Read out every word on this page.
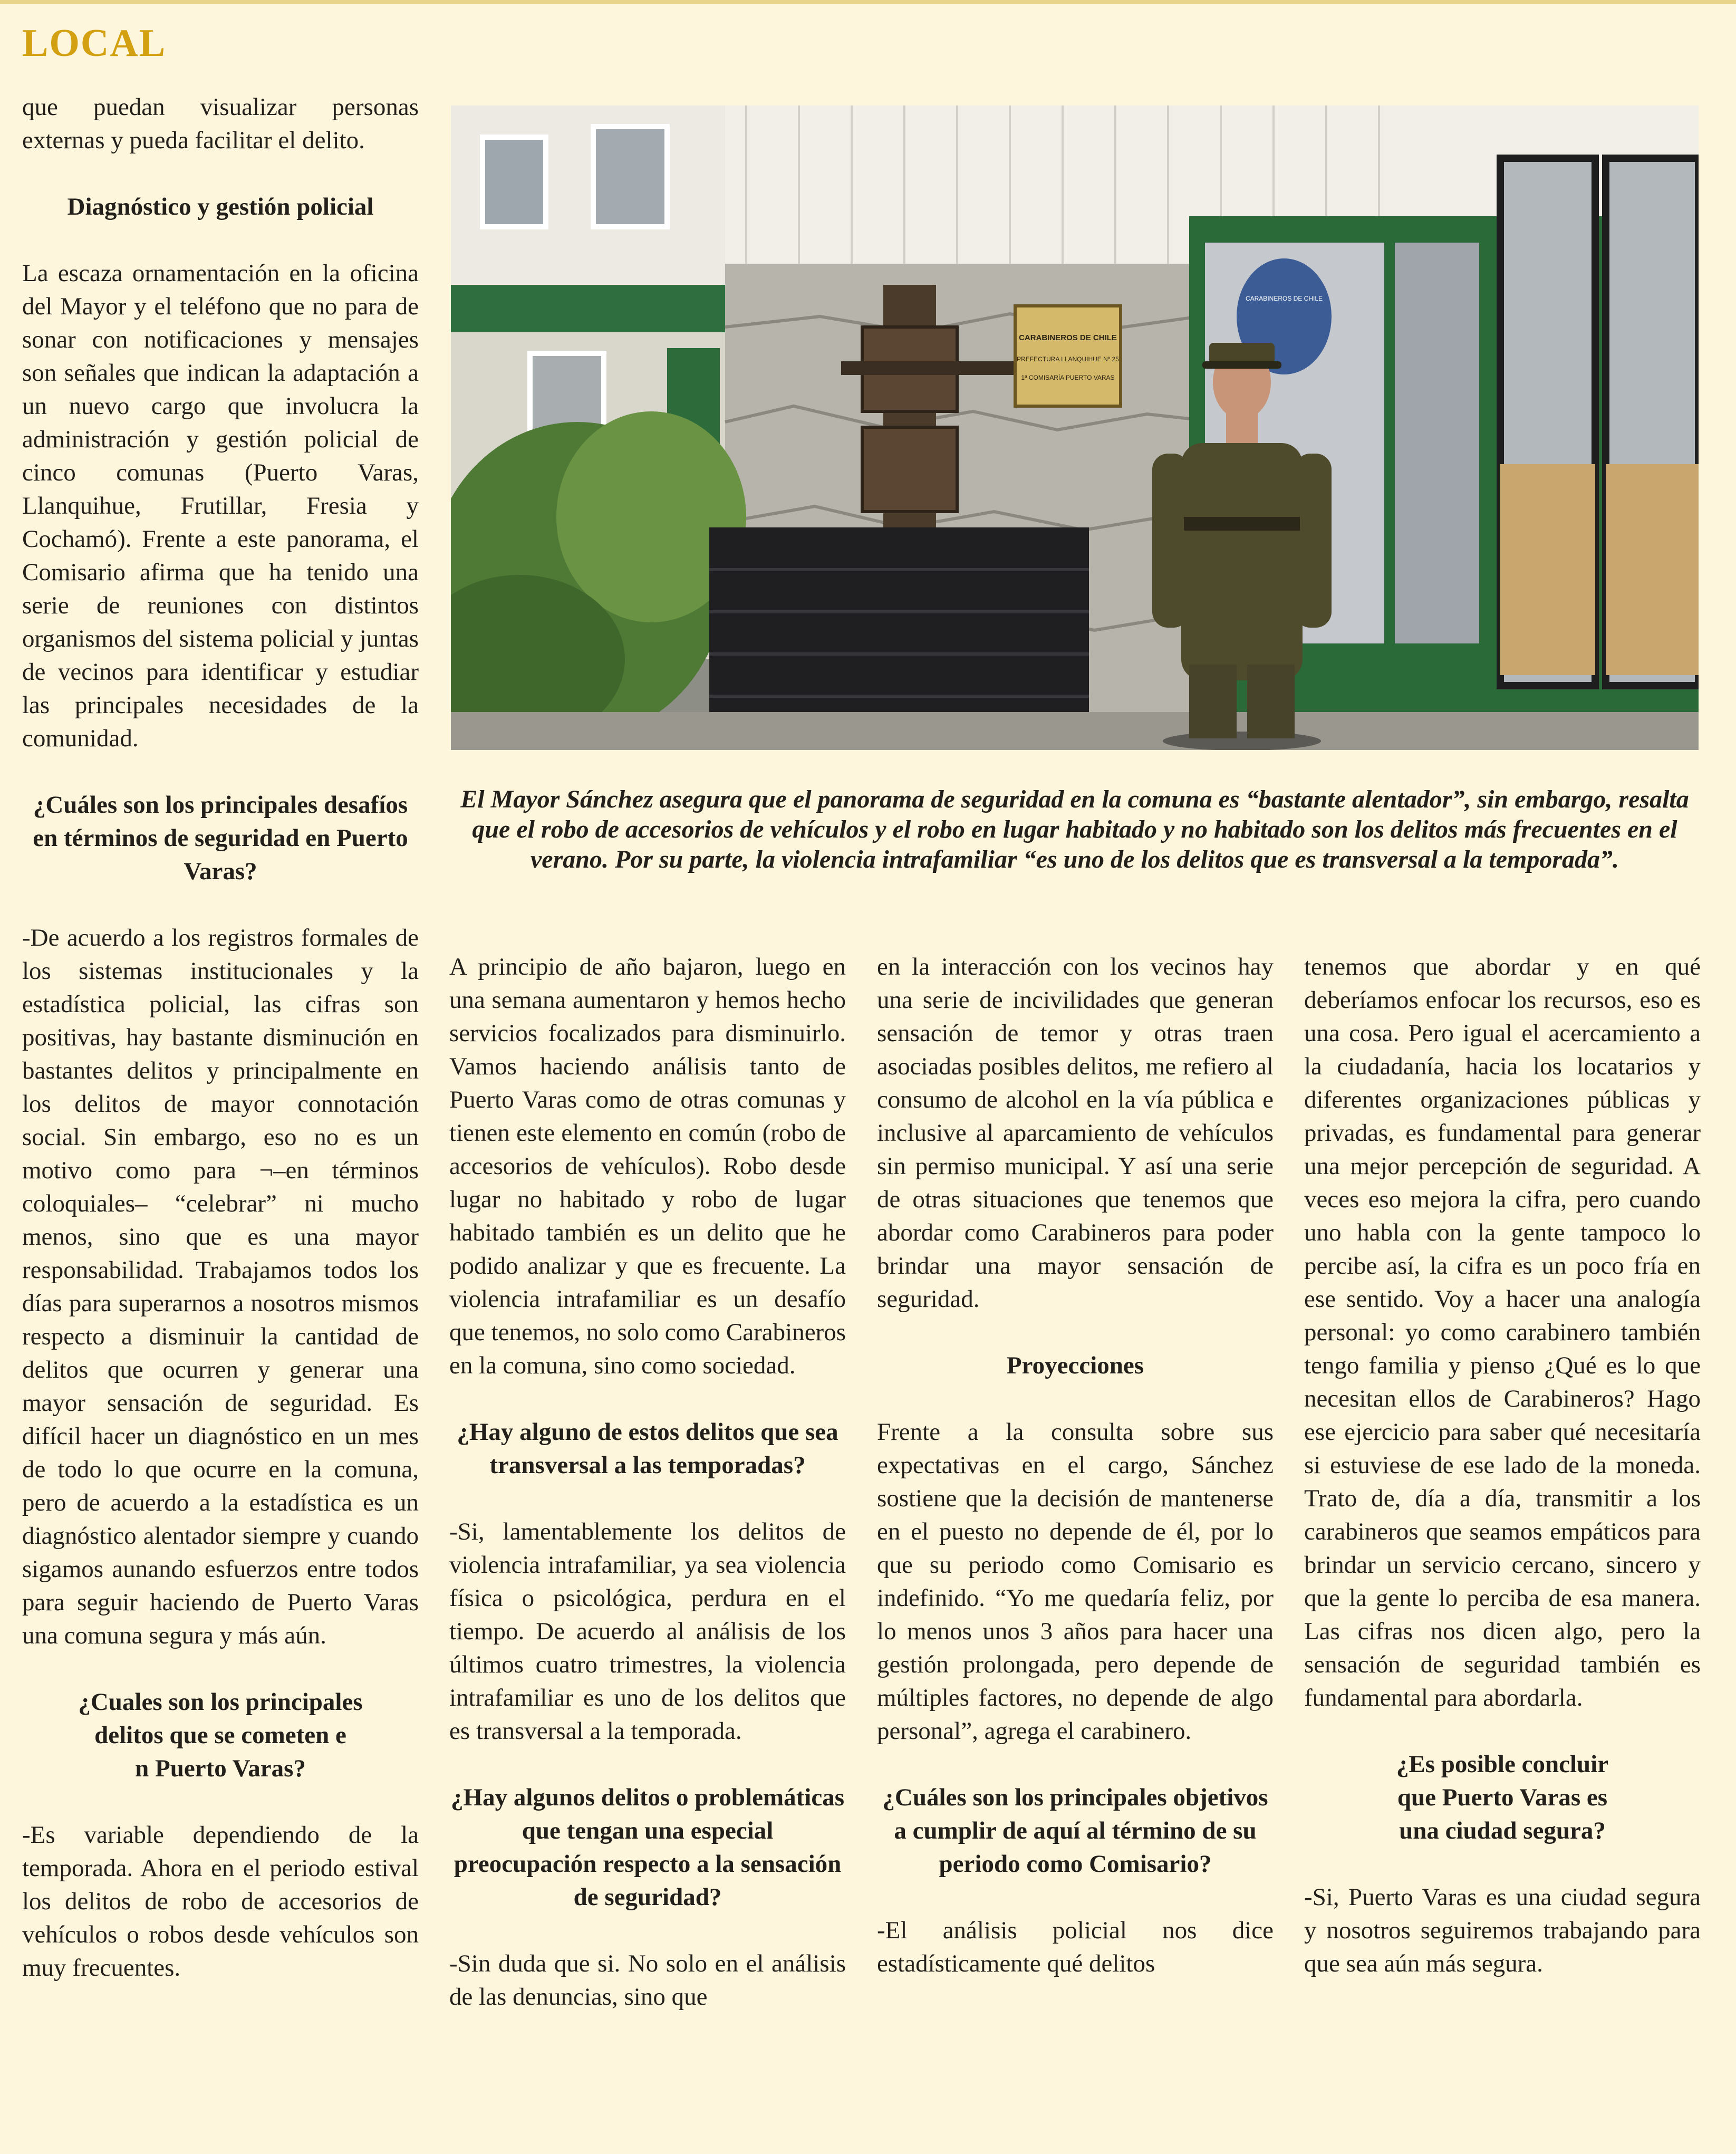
LOCAL

que puedan visualizar personas externas y pueda facilitar el delito.

Diagnóstico y gestión policial

La escaza ornamentación en la oficina del Mayor y el teléfono que no para de sonar con notificaciones y mensajes son señales que indican la adaptación a un nuevo cargo que involucra la administración y gestión policial de cinco comunas (Puerto Varas, Llanquihue, Frutillar, Fresia y Cochamó). Frente a este panorama, el Comisario afirma que ha tenido una serie de reuniones con distintos organismos del sistema policial y juntas de vecinos para identificar y estudiar las principales necesidades de la comunidad.

¿Cuáles son los principales desafíos en términos de seguridad en Puerto Varas?

-De acuerdo a los registros formales de los sistemas institucionales y la estadística policial, las cifras son positivas, hay bastante disminución en bastantes delitos y principalmente en los delitos de mayor connotación social. Sin embargo, eso no es un motivo como para ¬–en términos coloquiales– “celebrar” ni mucho menos, sino que es una mayor responsabilidad. Trabajamos todos los días para superarnos a nosotros mismos respecto a disminuir la cantidad de delitos que ocurren y generar una mayor sensación de seguridad. Es difícil hacer un diagnóstico en un mes de todo lo que ocurre en la comuna, pero de acuerdo a la estadística es un diagnóstico alentador siempre y cuando sigamos aunando esfuerzos entre todos para seguir haciendo de Puerto Varas una comuna segura y más aún.

¿Cuales son los principales
delitos que se cometen e
n Puerto Varas?

-Es variable dependiendo de la temporada. Ahora en el periodo estival los delitos de robo de accesorios de vehículos o robos desde vehículos son muy frecuentes.

CARABINEROS DE CHILE
PREFECTURA LLANQUIHUE Nº 25
1ª COMISARÍA PUERTO VARAS
CARABINEROS DE CHILE

El Mayor Sánchez asegura que el panorama de seguridad en la comuna es “bastante alentador”, sin embargo, resalta que el robo de accesorios de vehículos y el robo en lugar habitado y no habitado son los delitos más frecuentes en el verano. Por su parte, la violencia intrafamiliar “es uno de los delitos que es transversal a la temporada”.

A principio de año bajaron, luego en una semana aumentaron y hemos hecho servicios focalizados para disminuirlo. Vamos haciendo análisis tanto de Puerto Varas como de otras comunas y tienen este elemento en común (robo de accesorios de vehículos). Robo desde lugar no habitado y robo de lugar habitado también es un delito que he podido analizar y que es frecuente. La violencia intrafamiliar es un desafío que tenemos, no solo como Carabineros en la comuna, sino como sociedad.

¿Hay alguno de estos delitos que sea transversal a las temporadas?

-Si, lamentablemente los delitos de violencia intrafamiliar, ya sea violencia física o psicológica, perdura en el tiempo. De acuerdo al análisis de los últimos cuatro trimestres, la violencia intrafamiliar es uno de los delitos que es transversal a la temporada.

¿Hay algunos delitos o problemáticas que tengan una especial preocupación respecto a la sensación de seguridad?

-Sin duda que si. No solo en el análisis de las denuncias, sino que

en la interacción con los vecinos hay una serie de incivilidades que generan sensación de temor y otras traen asociadas posibles delitos, me refiero al consumo de alcohol en la vía pública e inclusive al aparcamiento de vehículos sin permiso municipal. Y así una serie de otras situaciones que tenemos que abordar como Carabineros para poder brindar una mayor sensación de seguridad.

Proyecciones

Frente a la consulta sobre sus expectativas en el cargo, Sánchez sostiene que la decisión de mantenerse en el puesto no depende de él, por lo que su periodo como Comisario es indefinido. “Yo me quedaría feliz, por lo menos unos 3 años para hacer una gestión prolongada, pero depende de múltiples factores, no depende de algo personal”, agrega el carabinero.

¿Cuáles son los principales objetivos a cumplir de aquí al término de su periodo como Comisario?

-El análisis policial nos dice estadísticamente qué delitos

tenemos que abordar y en qué deberíamos enfocar los recursos, eso es una cosa. Pero igual el acercamiento a la ciudadanía, hacia los locatarios y diferentes organizaciones públicas y privadas, es fundamental para generar una mejor percepción de seguridad. A veces eso mejora la cifra, pero cuando uno habla con la gente tampoco lo percibe así, la cifra es un poco fría en ese sentido. Voy a hacer una analogía personal: yo como carabinero también tengo familia y pienso ¿Qué es lo que necesitan ellos de Carabineros? Hago ese ejercicio para saber qué necesitaría si estuviese de ese lado de la moneda. Trato de, día a día, transmitir a los carabineros que seamos empáticos para brindar un servicio cercano, sincero y que la gente lo perciba de esa manera. Las cifras nos dicen algo, pero la sensación de seguridad también es fundamental para abordarla.

¿Es posible concluir
que Puerto Varas es
una ciudad segura?

-Si, Puerto Varas es una ciudad segura y nosotros seguiremos trabajando para que sea aún más segura.
